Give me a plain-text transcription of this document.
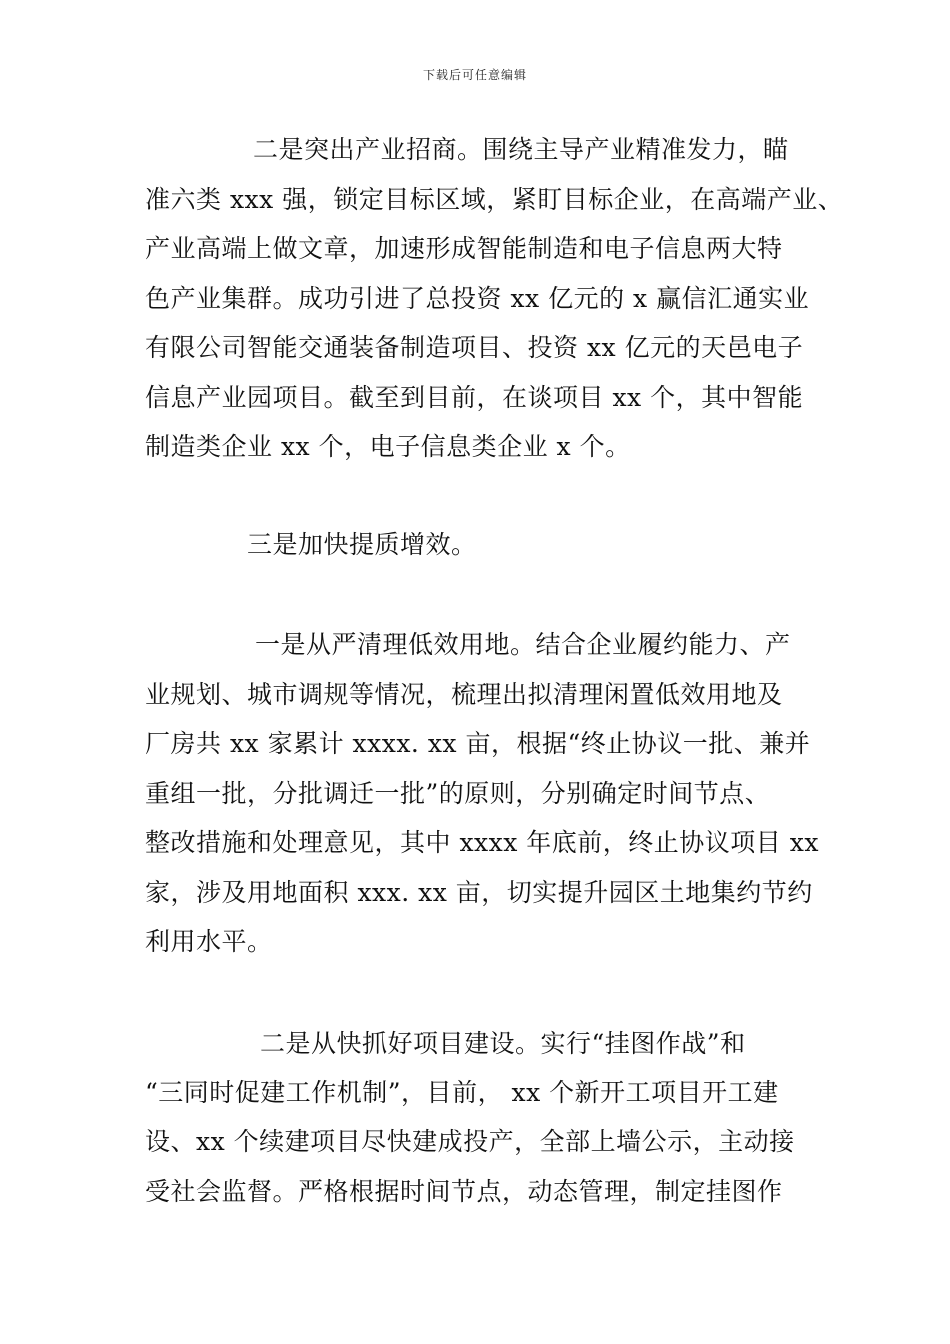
下载后可任意编辑
二是突出产业招商。围绕主导产业精准发力，瞄
准六类 xxx 强，锁定目标区域，紧盯目标企业，在高端产业、
产业高端上做文章，加速形成智能制造和电子信息两大特
色产业集群。成功引进了总投资 xx 亿元的 x 赢信汇通实业
有限公司智能交通装备制造项目、投资 xx 亿元的天邑电子
信息产业园项目。截至到目前，在谈项目 xx 个，其中智能
制造类企业 xx 个，电子信息类企业 x 个。
三是加快提质增效。
一是从严清理低效用地。结合企业履约能力、产
业规划、城市调规等情况，梳理出拟清理闲置低效用地及
厂房共 xx 家累计 xxxx. xx 亩，根据“终止协议一批、兼并
重组一批，分批调迁一批”的原则，分别确定时间节点、
整改措施和处理意见，其中 xxxx 年底前，终止协议项目 xx
家，涉及用地面积 xxx. xx 亩，切实提升园区土地集约节约
利用水平。
二是从快抓好项目建设。实行“挂图作战”和
“三同时促建工作机制”，目前， xx 个新开工项目开工建
设、xx 个续建项目尽快建成投产，全部上墙公示，主动接
受社会监督。严格根据时间节点，动态管理，制定挂图作
